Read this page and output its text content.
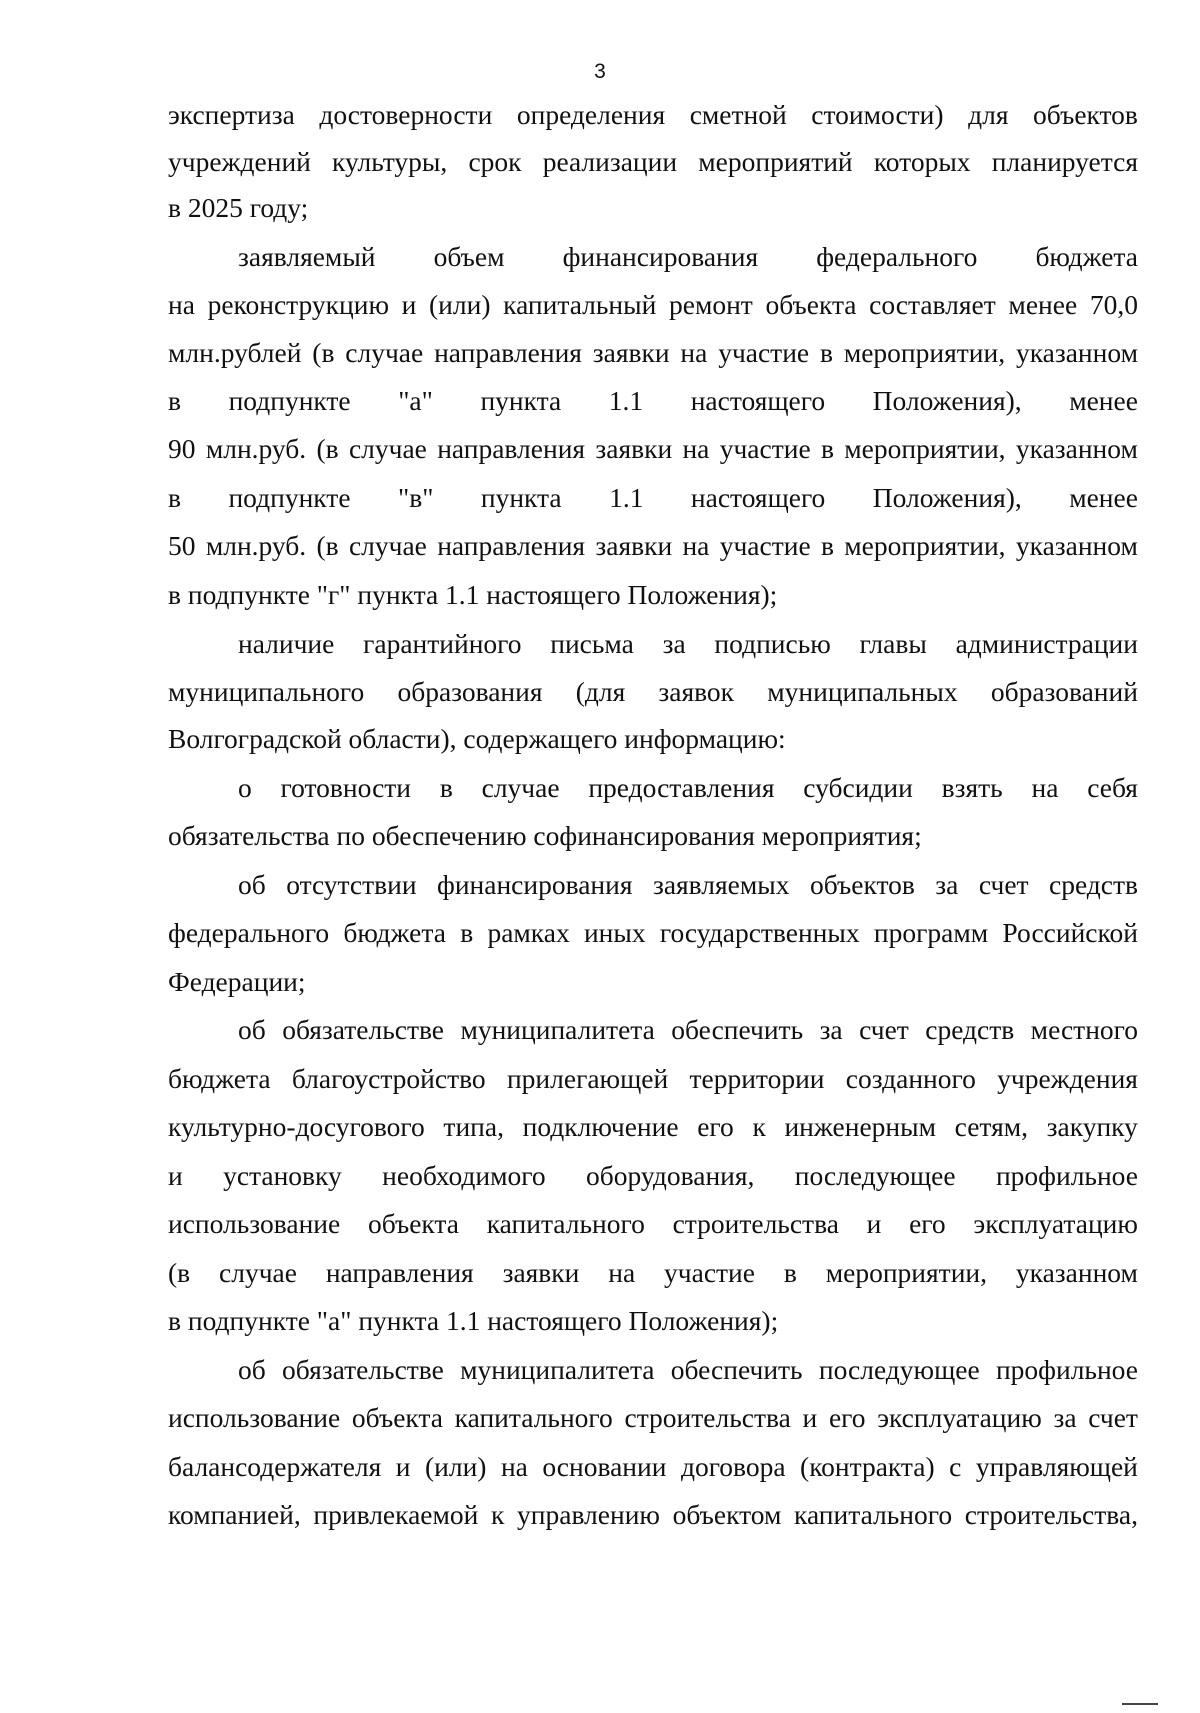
3
экспертиза достоверности определения сметной стоимости) для объектов
учреждений культуры, срок реализации мероприятий которых планируется
в 2025 году;
заявляемый объем финансирования федерального бюджета
на реконструкцию и (или) капитальный ремонт объекта составляет менее 70,0
млн.рублей (в случае направления заявки на участие в мероприятии, указанном
в подпункте "а" пункта 1.1 настоящего Положения), менее
90 млн.руб. (в случае направления заявки на участие в мероприятии, указанном
в подпункте "в" пункта 1.1 настоящего Положения), менее
50 млн.руб. (в случае направления заявки на участие в мероприятии, указанном
в подпункте "г" пункта 1.1 настоящего Положения);
наличие гарантийного письма за подписью главы администрации
муниципального образования (для заявок муниципальных образований
Волгоградской области), содержащего информацию:
о готовности в случае предоставления субсидии взять на себя
обязательства по обеспечению софинансирования мероприятия;
об отсутствии финансирования заявляемых объектов за счет средств
федерального бюджета в рамках иных государственных программ Российской
Федерации;
об обязательстве муниципалитета обеспечить за счет средств местного
бюджета благоустройство прилегающей территории созданного учреждения
культурно-досугового типа, подключение его к инженерным сетям, закупку
и установку необходимого оборудования, последующее профильное
использование объекта капитального строительства и его эксплуатацию
(в случае направления заявки на участие в мероприятии, указанном
в подпункте "а" пункта 1.1 настоящего Положения);
об обязательстве муниципалитета обеспечить последующее профильное
использование объекта капитального строительства и его эксплуатацию за счет
балансодержателя и (или) на основании договора (контракта) с управляющей
компанией, привлекаемой к управлению объектом капитального строительства,
